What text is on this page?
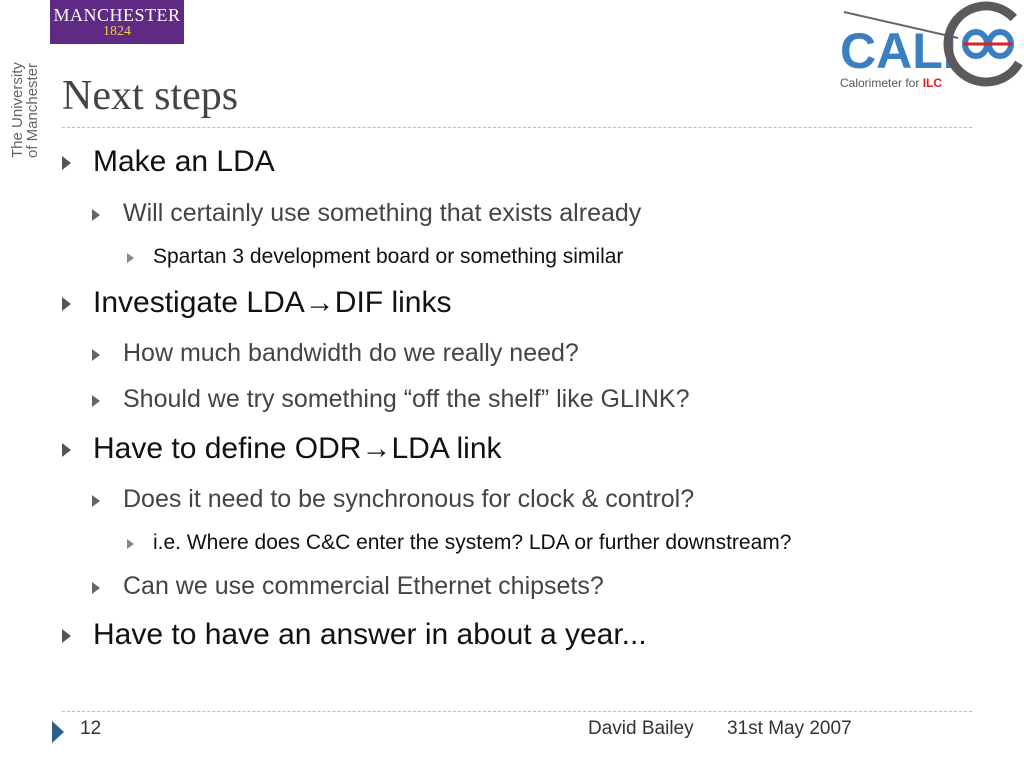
MANCHESTER
1824
The University
of Manchester
CALI
Calorimeter for ILC
Next steps
Make an LDA
Will certainly use something that exists already
Spartan 3 development board or something similar
Investigate LDA→DIF links
How much bandwidth do we really need?
Should we try something “off the shelf” like GLINK?
Have to define ODR→LDA link
Does it need to be synchronous for clock & control?
i.e. Where does C&C enter the system? LDA or further downstream?
Can we use commercial Ethernet chipsets?
Have to have an answer in about a year...
12	David Bailey 31st May 2007
